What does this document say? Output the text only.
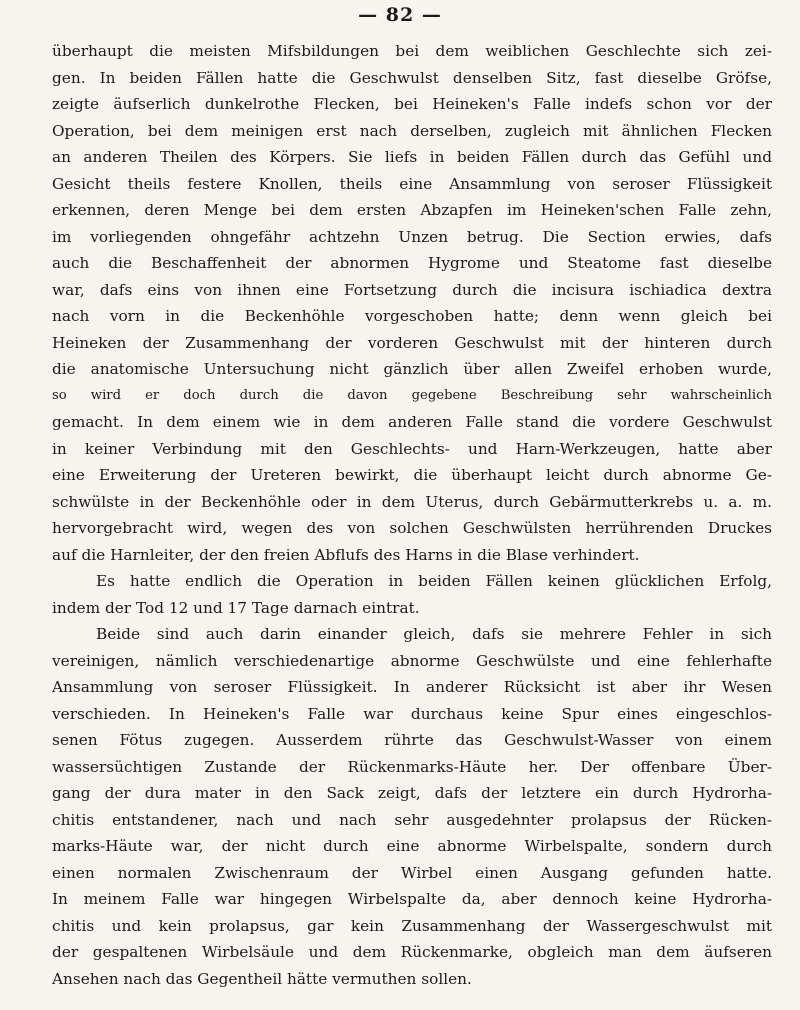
— 82 —
überhaupt die meisten Mifsbildungen bei dem weiblichen Geschlechte sich zei-
gen. In beiden Fällen hatte die Geschwulst denselben Sitz, fast dieselbe Gröfse,
zeigte äufserlich dunkelrothe Flecken, bei Heineken's Falle indefs schon vor der
Operation, bei dem meinigen erst nach derselben, zugleich mit ähnlichen Flecken
an anderen Theilen des Körpers. Sie liefs in beiden Fällen durch das Gefühl und
Gesicht theils festere Knollen, theils eine Ansammlung von seroser Flüssigkeit
erkennen, deren Menge bei dem ersten Abzapfen im Heineken'schen Falle zehn,
im vorliegenden ohngefähr achtzehn Unzen betrug. Die Section erwies, dafs
auch die Beschaffenheit der abnormen Hygrome und Steatome fast dieselbe
war, dafs eins von ihnen eine Fortsetzung durch die incisura ischiadica dextra
nach vorn in die Beckenhöhle vorgeschoben hatte; denn wenn gleich bei
Heineken der Zusammenhang der vorderen Geschwulst mit der hinteren durch
die anatomische Untersuchung nicht gänzlich über allen Zweifel erhoben wurde,
so wird er doch durch die davon gegebene Beschreibung sehr wahrscheinlich
gemacht. In dem einem wie in dem anderen Falle stand die vordere Geschwulst
in keiner Verbindung mit den Geschlechts- und Harn-Werkzeugen, hatte aber
eine Erweiterung der Ureteren bewirkt, die überhaupt leicht durch abnorme Ge-
schwülste in der Beckenhöhle oder in dem Uterus, durch Gebärmutterkrebs u. a. m.
hervorgebracht wird, wegen des von solchen Geschwülsten herrührenden Druckes
auf die Harnleiter, der den freien Abflufs des Harns in die Blase verhindert.
Es hatte endlich die Operation in beiden Fällen keinen glücklichen Erfolg,
indem der Tod 12 und 17 Tage darnach eintrat.
Beide sind auch darin einander gleich, dafs sie mehrere Fehler in sich
vereinigen, nämlich verschiedenartige abnorme Geschwülste und eine fehlerhafte
Ansammlung von seroser Flüssigkeit. In anderer Rücksicht ist aber ihr Wesen
verschieden. In Heineken's Falle war durchaus keine Spur eines eingeschlos-
senen Fötus zugegen. Ausserdem rührte das Geschwulst-Wasser von einem
wassersüchtigen Zustande der Rückenmarks-Häute her. Der offenbare Über-
gang der dura mater in den Sack zeigt, dafs der letztere ein durch Hydrorha-
chitis entstandener, nach und nach sehr ausgedehnter prolapsus der Rücken-
marks-Häute war, der nicht durch eine abnorme Wirbelspalte, sondern durch
einen normalen Zwischenraum der Wirbel einen Ausgang gefunden hatte.
In meinem Falle war hingegen Wirbelspalte da, aber dennoch keine Hydrorha-
chitis und kein prolapsus, gar kein Zusammenhang der Wassergeschwulst mit
der gespaltenen Wirbelsäule und dem Rückenmarke, obgleich man dem äufseren
Ansehen nach das Gegentheil hätte vermuthen sollen.
